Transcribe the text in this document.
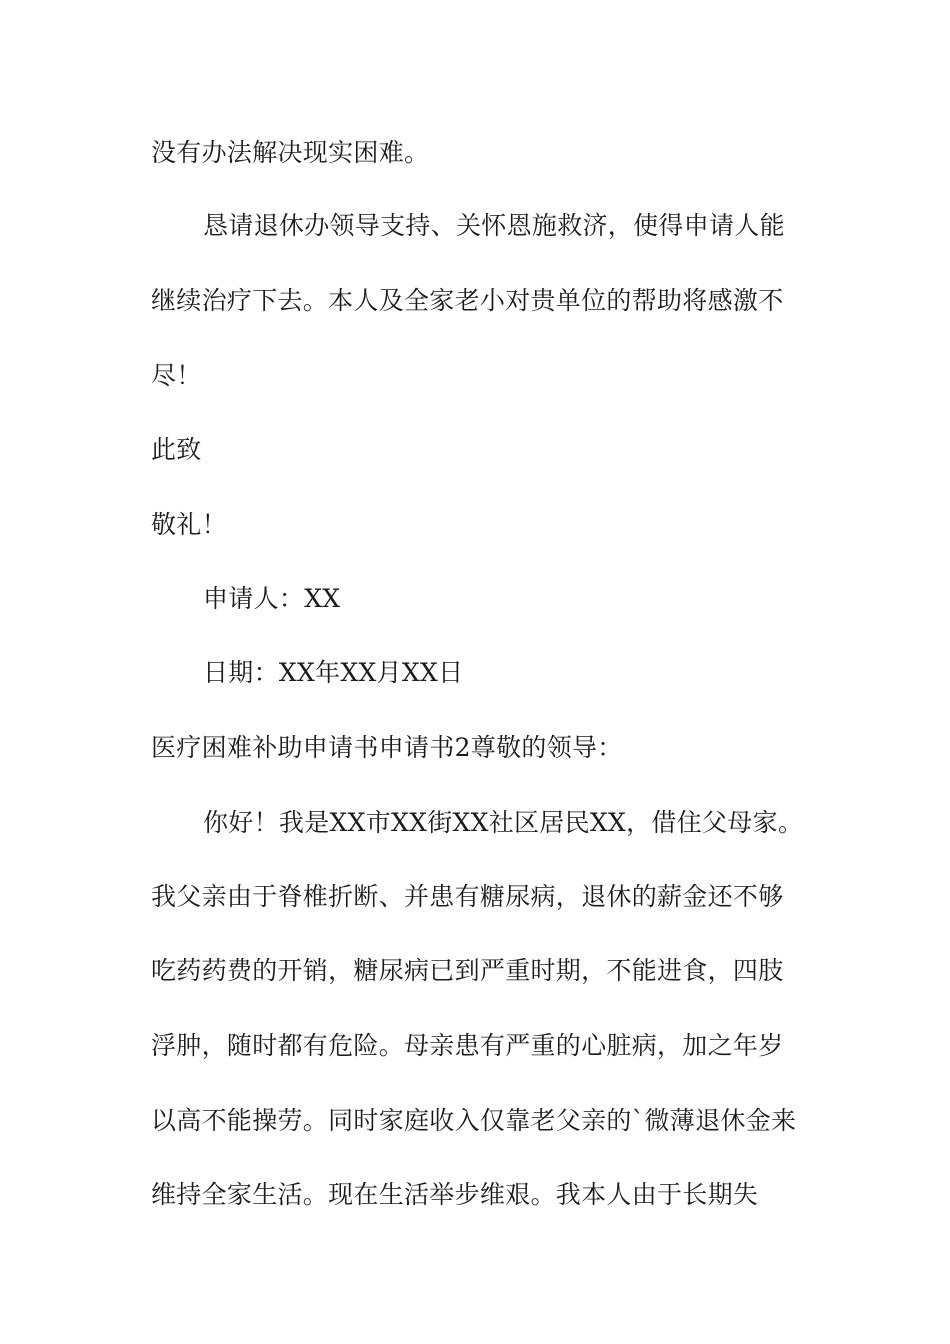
没有办法解决现实困难。
恳请退休办领导支持、关怀恩施救济，使得申请人能
继续治疗下去。本人及全家老小对贵单位的帮助将感激不
尽！
此致
敬礼！
申请人：XX
日期：XX年XX月XX日
医疗困难补助申请书申请书2尊敬的领导：
你好！我是XX市XX街XX社区居民XX，借住父母家。
我父亲由于脊椎折断、并患有糖尿病，退休的薪金还不够
吃药药费的开销，糖尿病已到严重时期，不能进食，四肢
浮肿，随时都有危险。母亲患有严重的心脏病，加之年岁
以高不能操劳。同时家庭收入仅靠老父亲的`微薄退休金来
维持全家生活。现在生活举步维艰。我本人由于长期失
